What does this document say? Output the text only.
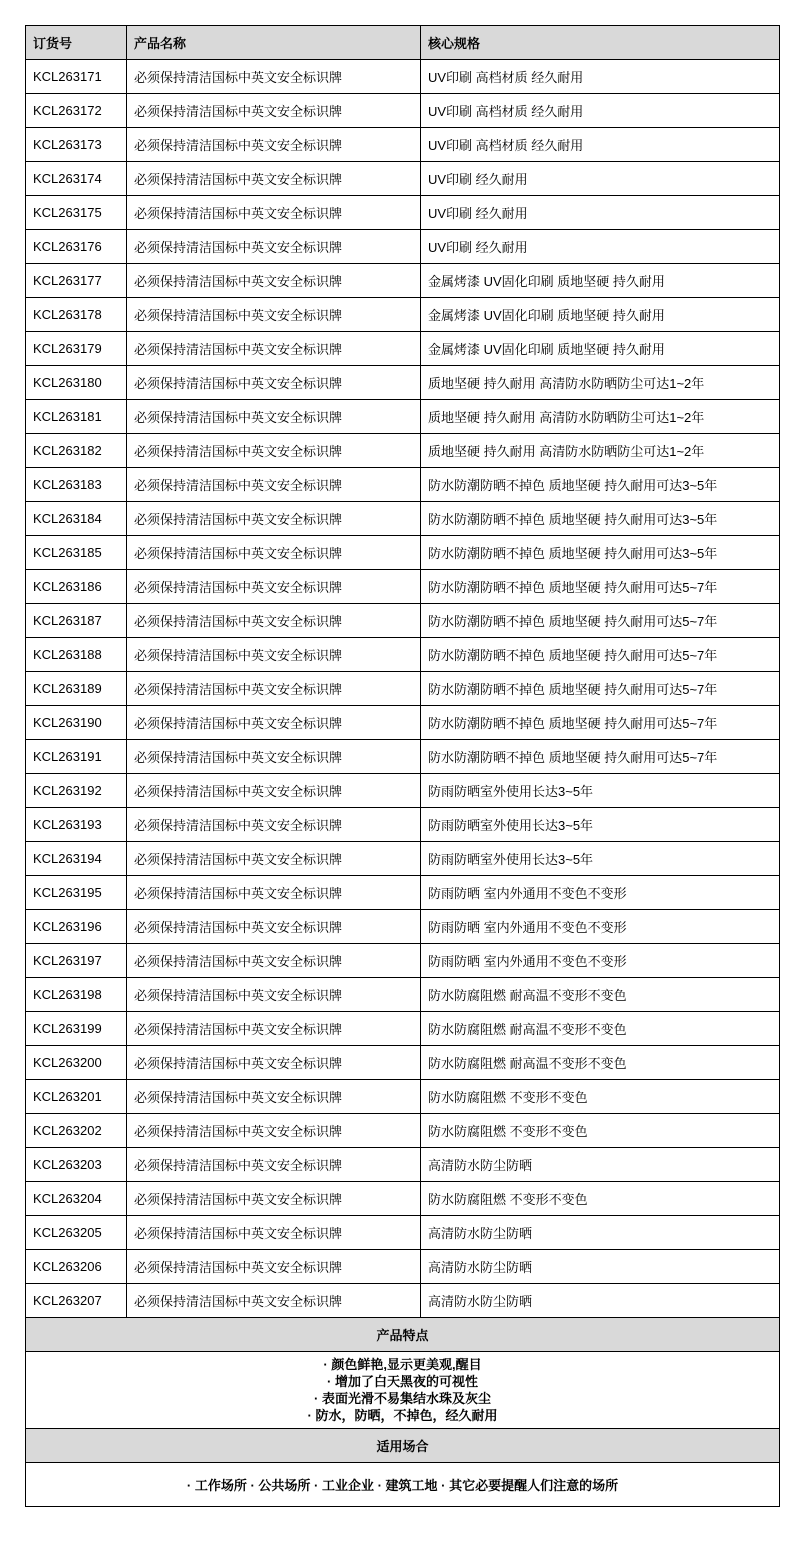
订货号	产品名称	核心规格
KCL263171	必须保持清洁国标中英文安全标识牌	UV印刷 高档材质 经久耐用
KCL263172	必须保持清洁国标中英文安全标识牌	UV印刷 高档材质 经久耐用
KCL263173	必须保持清洁国标中英文安全标识牌	UV印刷 高档材质 经久耐用
KCL263174	必须保持清洁国标中英文安全标识牌	UV印刷 经久耐用
KCL263175	必须保持清洁国标中英文安全标识牌	UV印刷 经久耐用
KCL263176	必须保持清洁国标中英文安全标识牌	UV印刷 经久耐用
KCL263177	必须保持清洁国标中英文安全标识牌	金属烤漆 UV固化印刷 质地坚硬 持久耐用
KCL263178	必须保持清洁国标中英文安全标识牌	金属烤漆 UV固化印刷 质地坚硬 持久耐用
KCL263179	必须保持清洁国标中英文安全标识牌	金属烤漆 UV固化印刷 质地坚硬 持久耐用
KCL263180	必须保持清洁国标中英文安全标识牌	质地坚硬 持久耐用 高清防水防晒防尘可达1~2年
KCL263181	必须保持清洁国标中英文安全标识牌	质地坚硬 持久耐用 高清防水防晒防尘可达1~2年
KCL263182	必须保持清洁国标中英文安全标识牌	质地坚硬 持久耐用 高清防水防晒防尘可达1~2年
KCL263183	必须保持清洁国标中英文安全标识牌	防水防潮防晒不掉色 质地坚硬 持久耐用可达3~5年
KCL263184	必须保持清洁国标中英文安全标识牌	防水防潮防晒不掉色 质地坚硬 持久耐用可达3~5年
KCL263185	必须保持清洁国标中英文安全标识牌	防水防潮防晒不掉色 质地坚硬 持久耐用可达3~5年
KCL263186	必须保持清洁国标中英文安全标识牌	防水防潮防晒不掉色 质地坚硬 持久耐用可达5~7年
KCL263187	必须保持清洁国标中英文安全标识牌	防水防潮防晒不掉色 质地坚硬 持久耐用可达5~7年
KCL263188	必须保持清洁国标中英文安全标识牌	防水防潮防晒不掉色 质地坚硬 持久耐用可达5~7年
KCL263189	必须保持清洁国标中英文安全标识牌	防水防潮防晒不掉色 质地坚硬 持久耐用可达5~7年
KCL263190	必须保持清洁国标中英文安全标识牌	防水防潮防晒不掉色 质地坚硬 持久耐用可达5~7年
KCL263191	必须保持清洁国标中英文安全标识牌	防水防潮防晒不掉色 质地坚硬 持久耐用可达5~7年
KCL263192	必须保持清洁国标中英文安全标识牌	防雨防晒室外使用长达3~5年
KCL263193	必须保持清洁国标中英文安全标识牌	防雨防晒室外使用长达3~5年
KCL263194	必须保持清洁国标中英文安全标识牌	防雨防晒室外使用长达3~5年
KCL263195	必须保持清洁国标中英文安全标识牌	防雨防晒 室内外通用不变色不变形
KCL263196	必须保持清洁国标中英文安全标识牌	防雨防晒 室内外通用不变色不变形
KCL263197	必须保持清洁国标中英文安全标识牌	防雨防晒 室内外通用不变色不变形
KCL263198	必须保持清洁国标中英文安全标识牌	防水防腐阻燃 耐高温不变形不变色
KCL263199	必须保持清洁国标中英文安全标识牌	防水防腐阻燃 耐高温不变形不变色
KCL263200	必须保持清洁国标中英文安全标识牌	防水防腐阻燃 耐高温不变形不变色
KCL263201	必须保持清洁国标中英文安全标识牌	防水防腐阻燃 不变形不变色
KCL263202	必须保持清洁国标中英文安全标识牌	防水防腐阻燃 不变形不变色
KCL263203	必须保持清洁国标中英文安全标识牌	高清防水防尘防晒
KCL263204	必须保持清洁国标中英文安全标识牌	防水防腐阻燃 不变形不变色
KCL263205	必须保持清洁国标中英文安全标识牌	高清防水防尘防晒
KCL263206	必须保持清洁国标中英文安全标识牌	高清防水防尘防晒
KCL263207	必须保持清洁国标中英文安全标识牌	高清防水防尘防晒
产品特点		

· 颜色鲜艳,显示更美观,醒目
· 增加了白天黑夜的可视性
· 表面光滑不易集结水珠及灰尘
· 防水，防晒，不掉色，经久耐用		

适用场合		
· 工作场所 · 公共场所 · 工业企业 · 建筑工地 · 其它必要提醒人们注意的场所		
